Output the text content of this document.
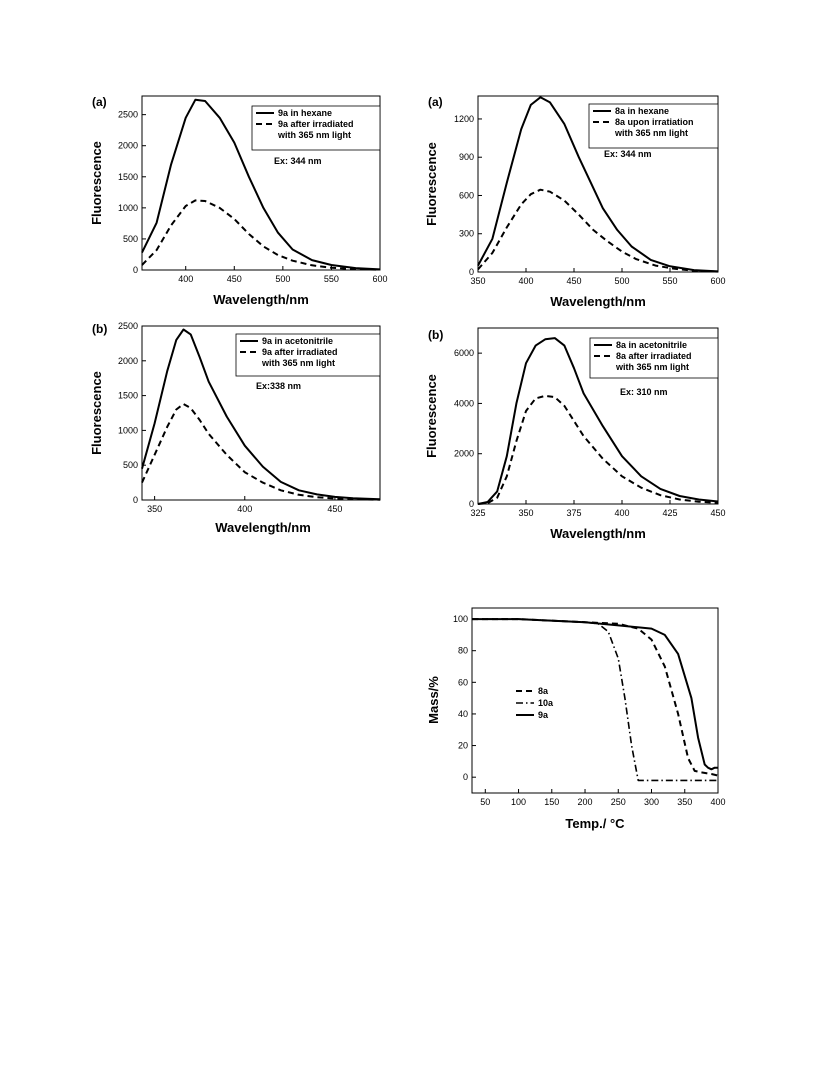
(a)
Fluorescence
Wavelength/nm
400	450	500	550	600
0
500
1000
1500
2000
2500	9a in hexane
9a after irradiated with 365 nm light
Ex: 344 nm
(a)
Fluorescence
Wavelength/nm
350	400	450	500	550	600
0
300
600
900
1200
8a in hexane
8a upon irratiation with 365 nm light
Ex: 344 nm
(b)
Fluorescence
Wavelength/nm
350	400	450
0
500
1000
1500
2000
2500
9a in acetonitrile
9a after irradiated with 365 nm light
Ex:338 nm
(b)
Fluorescence
Wavelength/nm
325	350	375	400	425	450
0
2000
4000
6000
8a in acetonitrile
8a after irradiated with 365 nm light
Ex: 310 nm
Mass/%
Temp./ °C
50 100 150 200 250 300 350 400
0
20
40
60
80
100
8a
10a
9a
